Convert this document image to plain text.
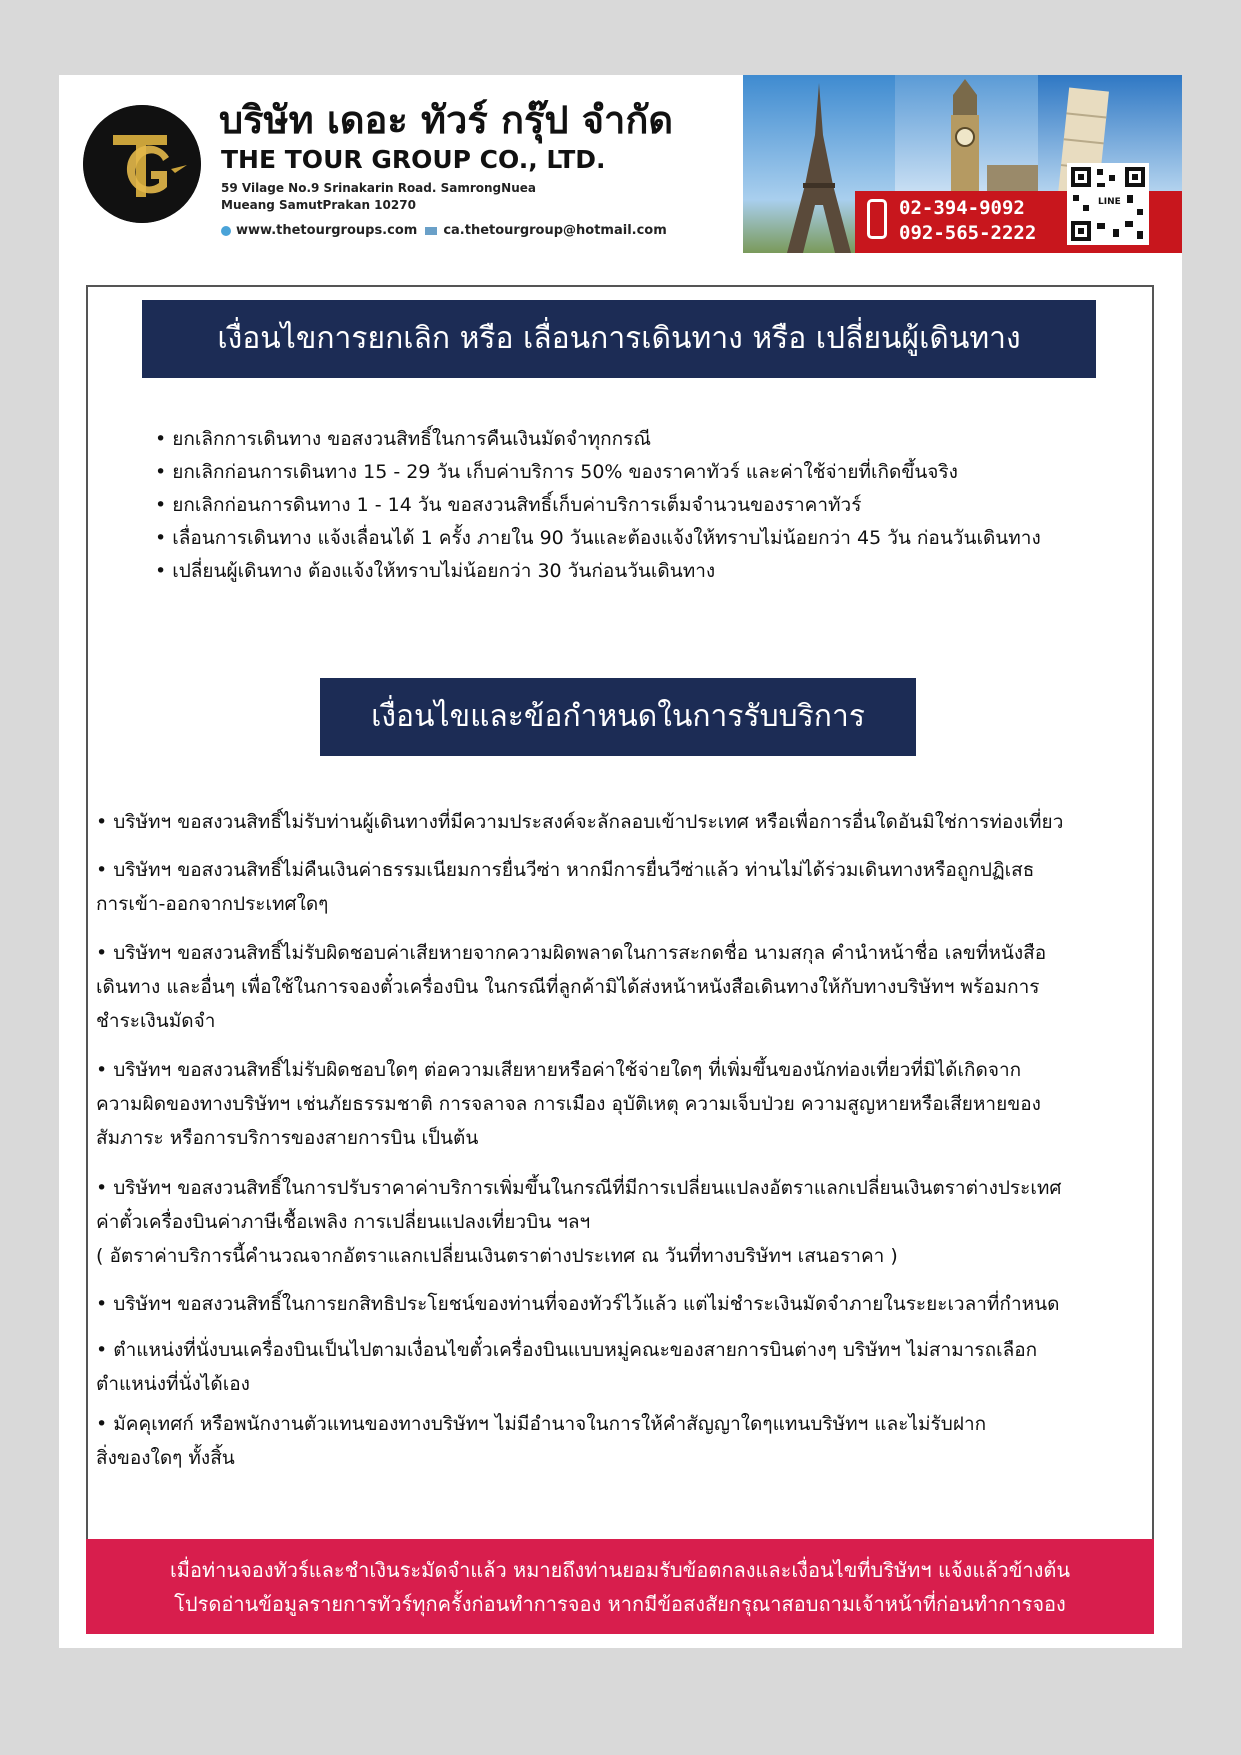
บริษัท เดอะ ทัวร์ กรุ๊ป จำกัด
THE TOUR GROUP CO., LTD.
59 Vilage No.9 Srinakarin Road. SamrongNuea
Mueang SamutPrakan 10270
www.thetourgroups.com ca.thetourgroup@hotmail.com
02-394-9092
092-565-2222
LINE
เงื่อนไขการยกเลิก หรือ เลื่อนการเดินทาง หรือ เปลี่ยนผู้เดินทาง
• ยกเลิกการเดินทาง ขอสงวนสิทธิ์ในการคืนเงินมัดจำทุกกรณี
• ยกเลิกก่อนการเดินทาง 15 - 29 วัน เก็บค่าบริการ 50% ของราคาทัวร์ และค่าใช้จ่ายที่เกิดขึ้นจริง
• ยกเลิกก่อนการดินทาง 1 - 14 วัน ขอสงวนสิทธิ์เก็บค่าบริการเต็มจำนวนของราคาทัวร์
• เลื่อนการเดินทาง แจ้งเลื่อนได้ 1 ครั้ง ภายใน 90 วันและต้องแจ้งให้ทราบไม่น้อยกว่า 45 วัน ก่อนวันเดินทาง
• เปลี่ยนผู้เดินทาง ต้องแจ้งให้ทราบไม่น้อยกว่า 30 วันก่อนวันเดินทาง
เงื่อนไขและข้อกำหนดในการรับบริการ

• บริษัทฯ ขอสงวนสิทธิ์ไม่รับท่านผู้เดินทางที่มีความประสงค์จะลักลอบเข้าประเทศ หรือเพื่อการอื่นใดอันมิใช่การท่องเที่ยว

• บริษัทฯ ขอสงวนสิทธิ์ไม่คืนเงินค่าธรรมเนียมการยื่นวีซ่า หากมีการยื่นวีซ่าแล้ว ท่านไม่ได้ร่วมเดินทางหรือถูกปฏิเสธ
การเข้า-ออกจากประเทศใดๆ

• บริษัทฯ ขอสงวนสิทธิ์ไม่รับผิดชอบค่าเสียหายจากความผิดพลาดในการสะกดชื่อ นามสกุล คำนำหน้าชื่อ เลขที่หนังสือ
เดินทาง และอื่นๆ เพื่อใช้ในการจองตั๋วเครื่องบิน ในกรณีที่ลูกค้ามิได้ส่งหน้าหนังสือเดินทางให้กับทางบริษัทฯ พร้อมการ
ชำระเงินมัดจำ

• บริษัทฯ ขอสงวนสิทธิ์ไม่รับผิดชอบใดๆ ต่อความเสียหายหรือค่าใช้จ่ายใดๆ ที่เพิ่มขึ้นของนักท่องเที่ยวที่มิได้เกิดจาก
ความผิดของทางบริษัทฯ เช่นภัยธรรมชาติ การจลาจล การเมือง อุบัติเหตุ ความเจ็บป่วย ความสูญหายหรือเสียหายของ
สัมภาระ หรือการบริการของสายการบิน เป็นต้น

• บริษัทฯ ขอสงวนสิทธิ์ในการปรับราคาค่าบริการเพิ่มขึ้นในกรณีที่มีการเปลี่ยนแปลงอัตราแลกเปลี่ยนเงินตราต่างประเทศ
ค่าตั๋วเครื่องบินค่าภาษีเชื้อเพลิง การเปลี่ยนแปลงเที่ยวบิน ฯลฯ
( อัตราค่าบริการนี้คำนวณจากอัตราแลกเปลี่ยนเงินตราต่างประเทศ ณ วันที่ทางบริษัทฯ เสนอราคา )

• บริษัทฯ ขอสงวนสิทธิ์ในการยกสิทธิประโยชน์ของท่านที่จองทัวร์ไว้แล้ว แต่ไม่ชำระเงินมัดจำภายในระยะเวลาที่กำหนด

• ตำแหน่งที่นั่งบนเครื่องบินเป็นไปตามเงื่อนไขตั๋วเครื่องบินแบบหมู่คณะของสายการบินต่างๆ บริษัทฯ ไม่สามารถเลือก
ตำแหน่งที่นั่งได้เอง

• มัคคุเทศก์ หรือพนักงานตัวแทนของทางบริษัทฯ ไม่มีอำนาจในการให้คำสัญญาใดๆแทนบริษัทฯ และไม่รับฝาก
สิ่งของใดๆ ทั้งสิ้น

เมื่อท่านจองทัวร์และชำเงินระมัดจำแล้ว หมายถึงท่านยอมรับข้อตกลงและเงื่อนไขที่บริษัทฯ แจ้งแล้วข้างต้น
โปรดอ่านข้อมูลรายการทัวร์ทุกครั้งก่อนทำการจอง หากมีข้อสงสัยกรุณาสอบถามเจ้าหน้าที่ก่อนทำการจอง
